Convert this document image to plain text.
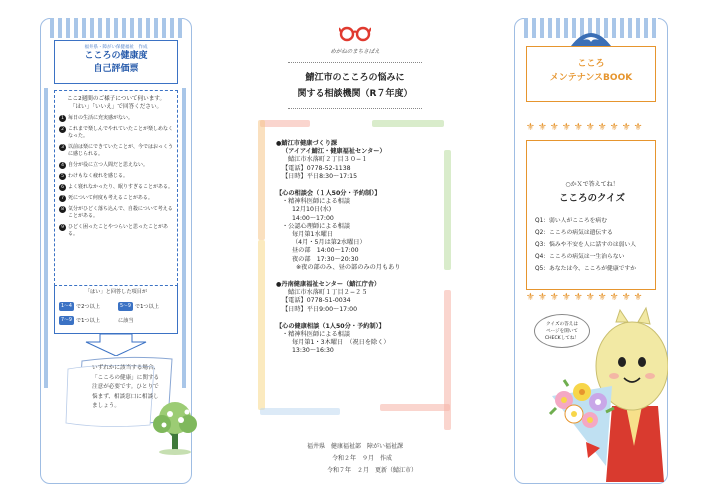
福井県・障がい保健福祉　作成
こころの健康度
自己評価票
ここ2週間のご様子について伺います。
「はい」「いいえ」で回答ください。
1 毎日の生活に充実感がない。
2 これまで楽しんでやれていたことが楽しめなくなった。
3 以前は楽にできていたことが、今ではおっくうに感じられる。
4 自分が役に立つ人間だと思えない。
5 わけもなく疲れを感じる。
6 よく寝れなかったり、眠りすぎることがある。
7 死について何度も考えることがある。
8 気分がひどく落ち込んで、自殺について考えることがある。
9 ひどく困ったことやつらいと思ったことがある。
「はい」と回答した項目が
1〜4 で2つ以上	5〜9 で1つ以上
7〜9 で1つ以上	に該当
いずれかに該当する場合、
「こころの健康」に関する
注意が必要です。ひとりで
悩まず、相談窓口に相談し
ましょう。
めがねのまちさばえ
鯖江市のこころの悩みに
関する相談機関（R７年度）
●鯖江市健康づくり課
（アイアイ鯖江・健康福祉センター）
鯖江市水落町２丁目３０−１
【電話】0778-52-1138
【日時】平日8:30〜17:15
【心の相談会（１人50分・予約制）】
・精神科医師による相談
12月10日(水)
14:00〜17:00
・公認心理師による相談
毎月第1水曜日
（4月・5月は第2水曜日）
昼の部　14:00〜17:00
夜の部　17:30〜20:30
※夜の部のみ、昼の部のみの月もあり
●丹南健康福祉センター（鯖江庁舎）
鯖江市水落町１丁目２−２５
【電話】0778-51-0034
【日時】平日9:00〜17:00
【心の健康相談（1人50分・予約制）】
・精神科医師による相談
毎月第1・3木曜日　（祝日を除く）
13:30〜16:30
福井県　健康福祉部　障がい福祉課
令和２年　９月　作成
令和７年　２月　更新（鯖江市）
こころ
メンテナンスBOOK
⚜⚜⚜⚜⚜⚜⚜⚜⚜⚜
○かＸで答えてね！
こころのクイズ
Q1：弱い人がこころを病む
Q2：こころの病気は遺伝する
Q3：悩みや不安を人に話すのは弱い人
Q4：こころの病気は一生治らない
Q5：あなたは今、こころが健康ですか
⚜⚜⚜⚜⚜⚜⚜⚜⚜⚜
クイズの答えは
ページを開いて
CHECKしてね！
